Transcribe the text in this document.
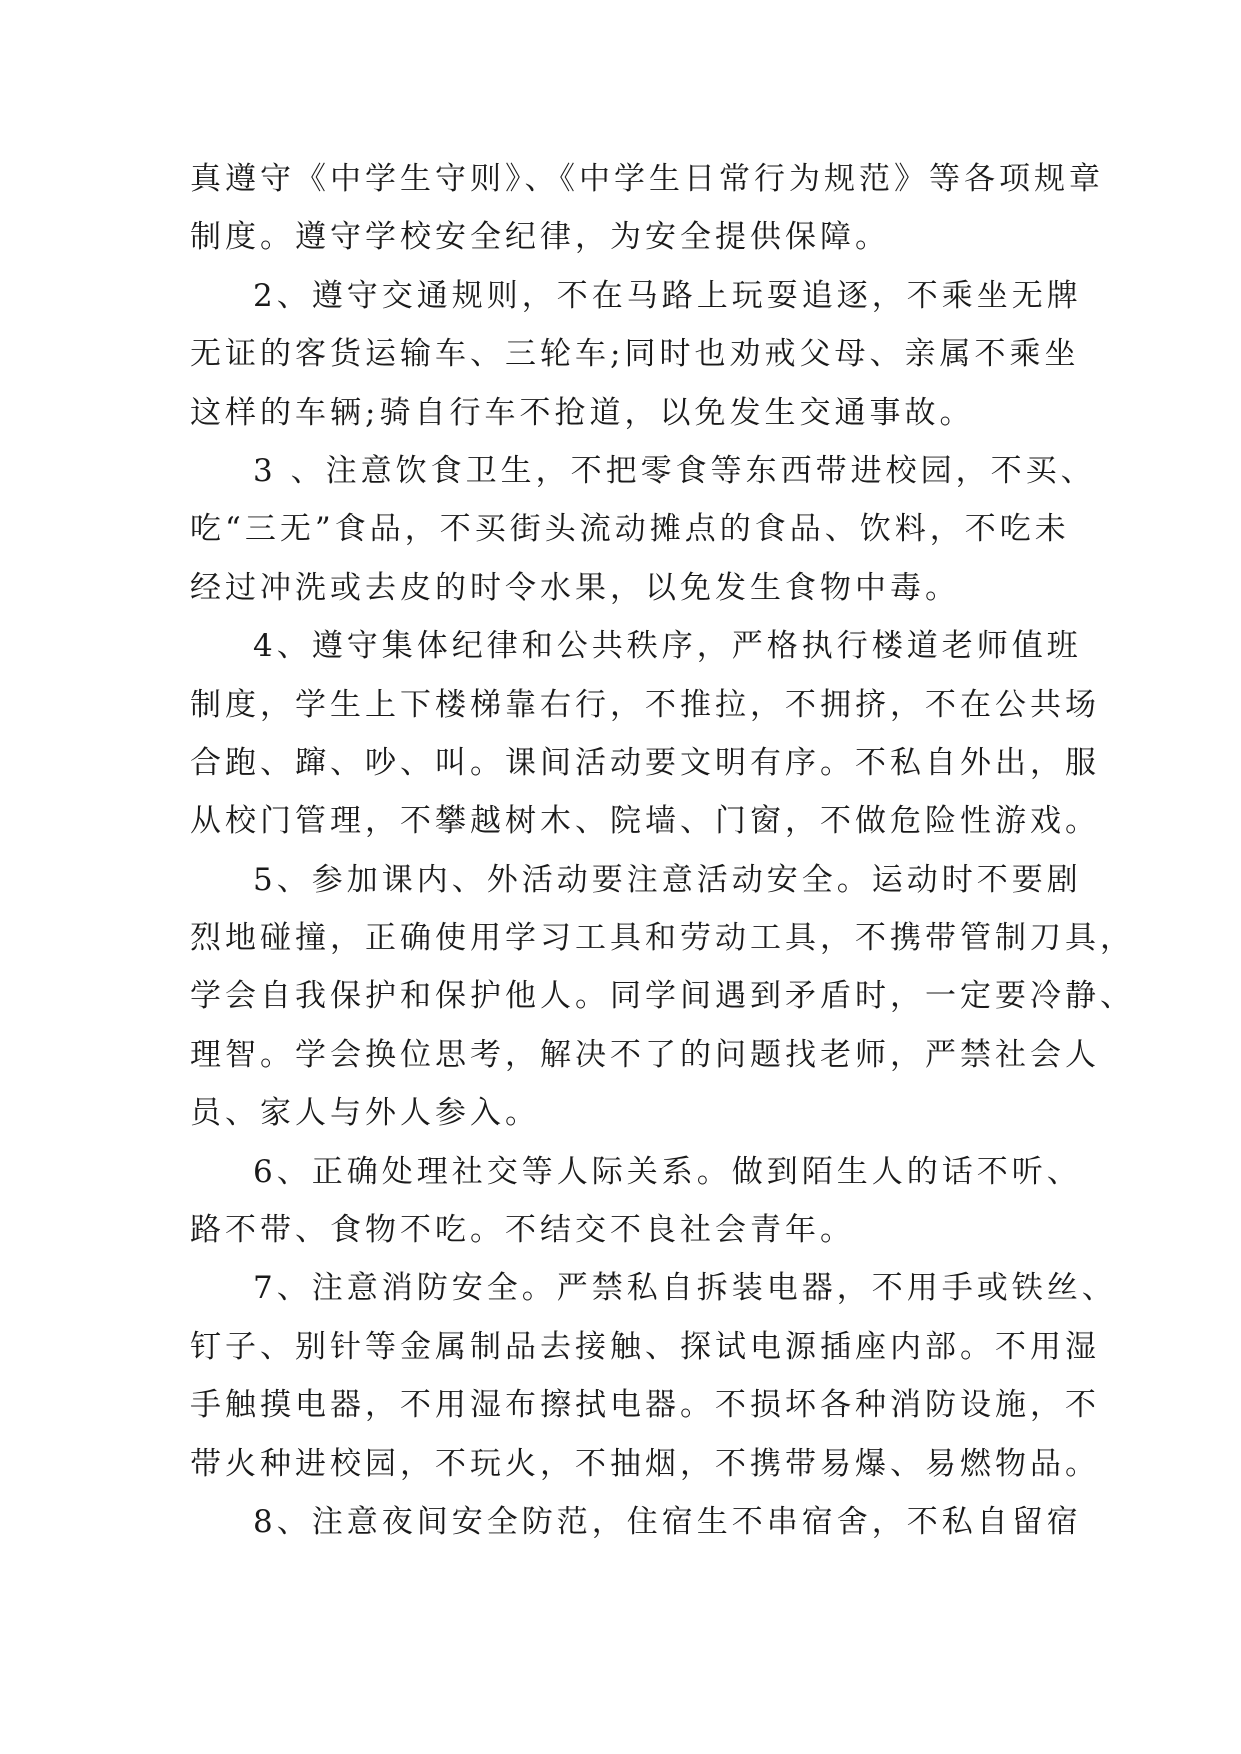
真遵守《中学生守则》、《中学生日常行为规范》等各项规章
制度。遵守学校安全纪律，为安全提供保障。
2、遵守交通规则，不在马路上玩耍追逐，不乘坐无牌
无证的客货运输车、三轮车;同时也劝戒父母、亲属不乘坐
这样的车辆;骑自行车不抢道，以免发生交通事故。
3 、注意饮食卫生，不把零食等东西带进校园，不买、
吃“三无”食品，不买街头流动摊点的食品、饮料，不吃未
经过冲洗或去皮的时令水果，以免发生食物中毒。
4、遵守集体纪律和公共秩序，严格执行楼道老师值班
制度，学生上下楼梯靠右行，不推拉，不拥挤，不在公共场
合跑、蹿、吵、叫。课间活动要文明有序。不私自外出，服
从校门管理，不攀越树木、院墙、门窗，不做危险性游戏。
5、参加课内、外活动要注意活动安全。运动时不要剧
烈地碰撞，正确使用学习工具和劳动工具，不携带管制刀具，
学会自我保护和保护他人。同学间遇到矛盾时，一定要冷静、
理智。学会换位思考，解决不了的问题找老师，严禁社会人
员、家人与外人参入。
6、正确处理社交等人际关系。做到陌生人的话不听、
路不带、食物不吃。不结交不良社会青年。
7、注意消防安全。严禁私自拆装电器，不用手或铁丝、
钉子、别针等金属制品去接触、探试电源插座内部。不用湿
手触摸电器，不用湿布擦拭电器。不损坏各种消防设施，不
带火种进校园，不玩火，不抽烟，不携带易爆、易燃物品。
8、注意夜间安全防范，住宿生不串宿舍，不私自留宿
